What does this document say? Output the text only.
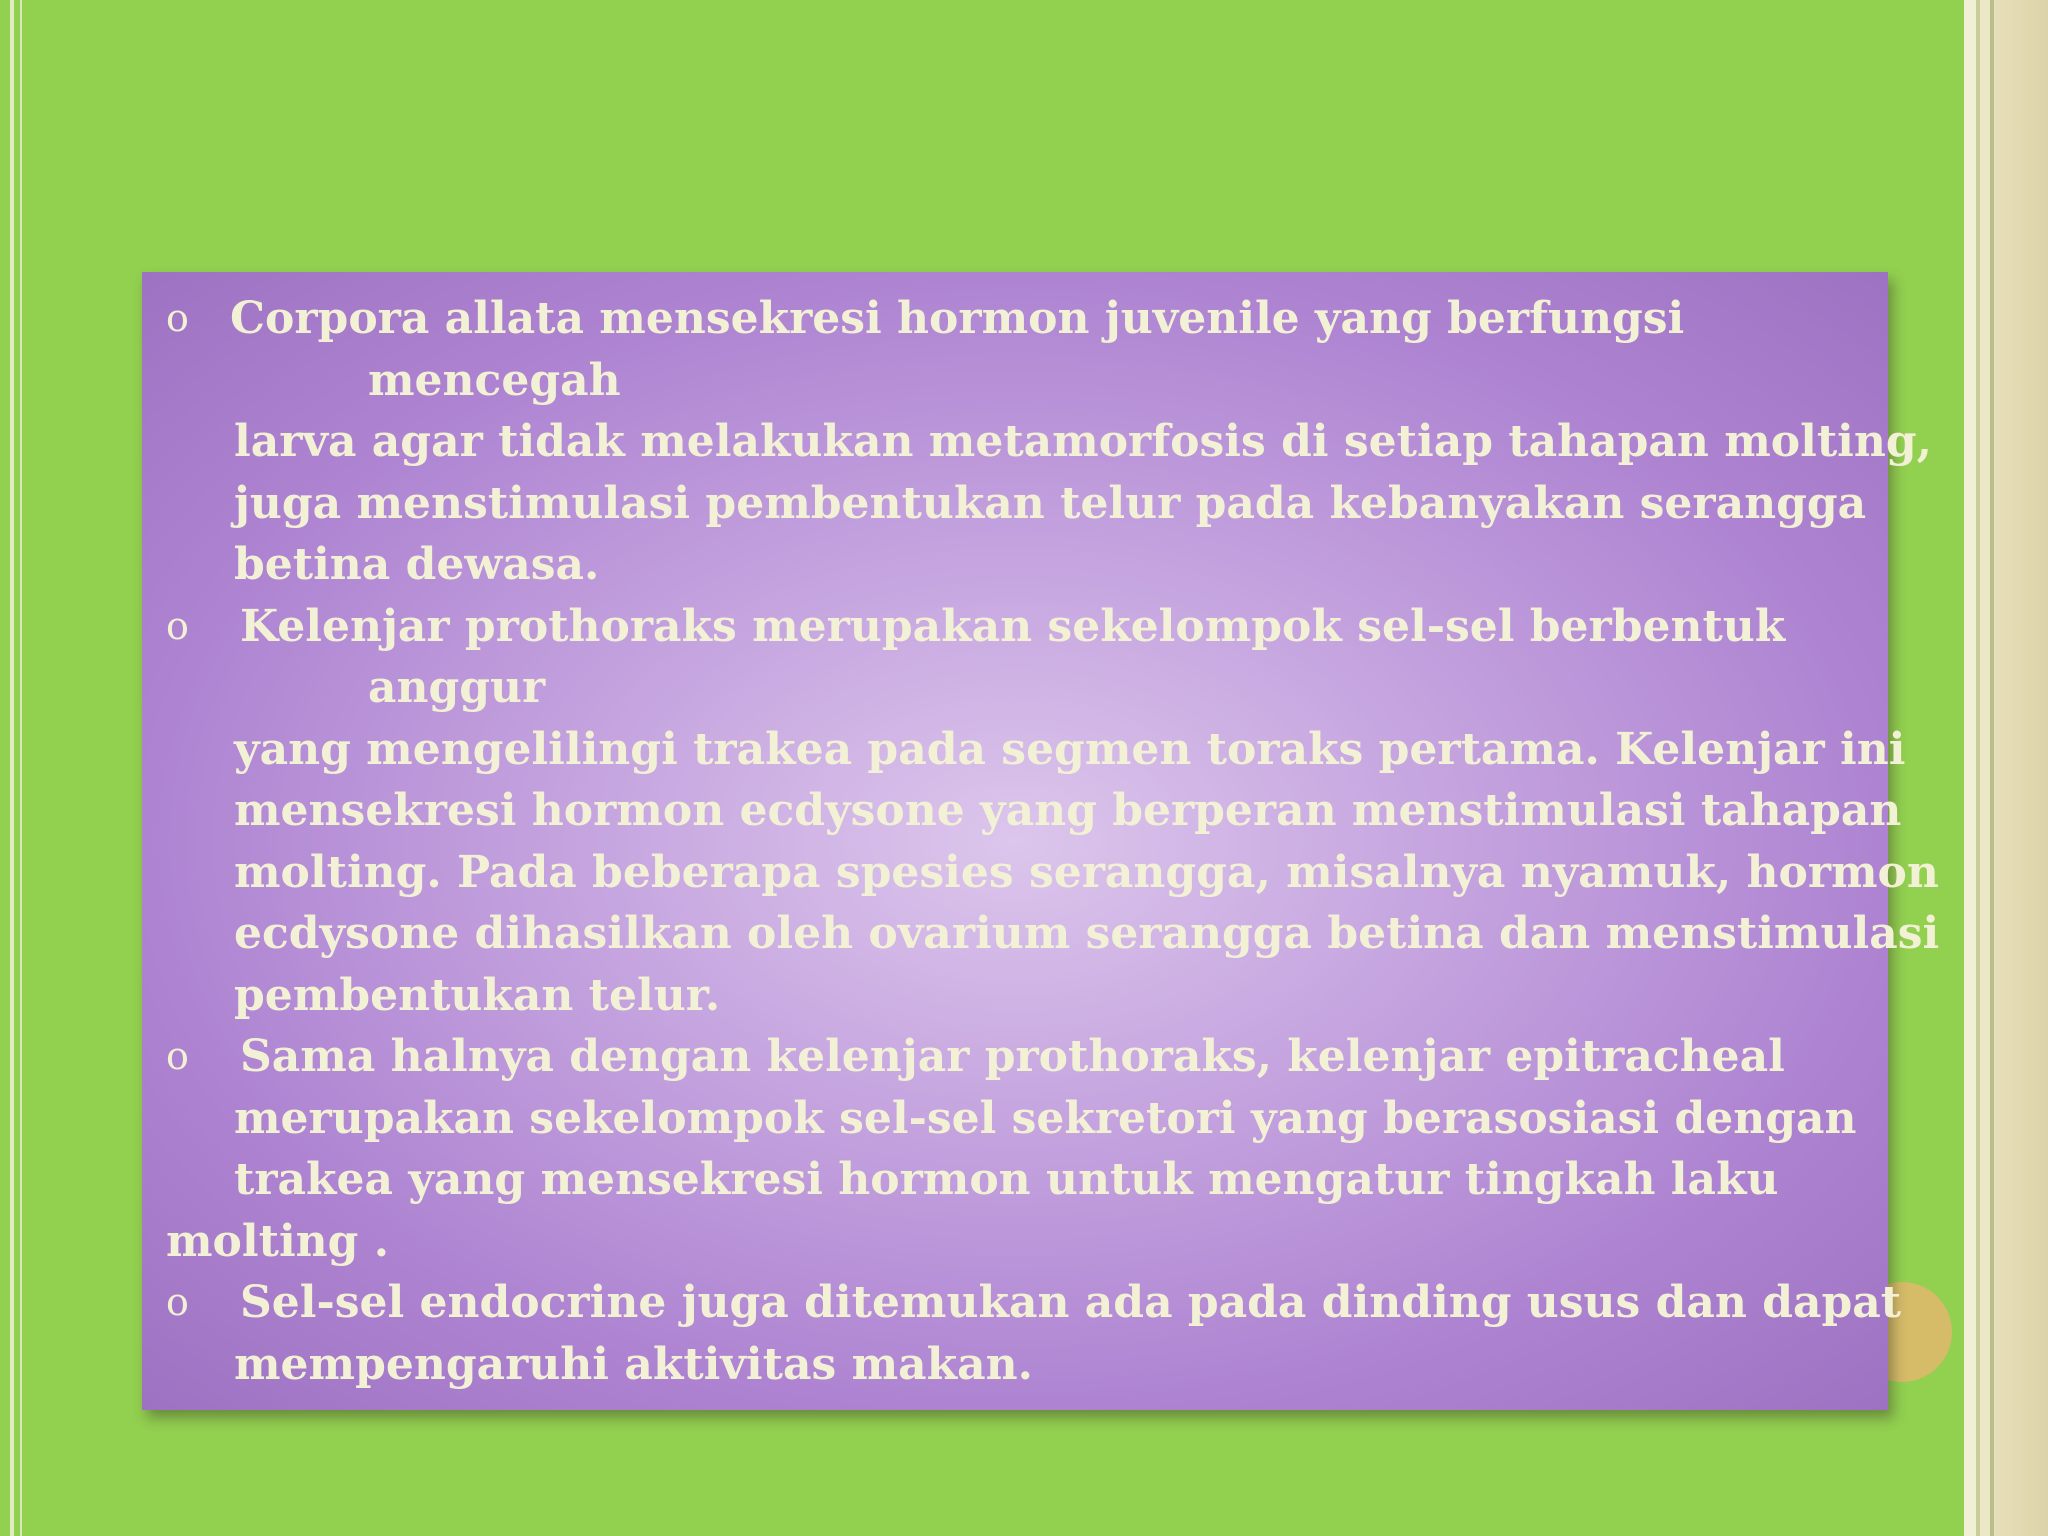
o Corpora allata mensekresi hormon juvenile yang berfungsi
mencegah
larva agar tidak melakukan metamorfosis di setiap tahapan molting,
juga menstimulasi pembentukan telur pada kebanyakan serangga
betina dewasa.
o Kelenjar prothoraks merupakan sekelompok sel-sel berbentuk
anggur
yang mengelilingi trakea pada segmen toraks pertama. Kelenjar ini
mensekresi hormon ecdysone yang berperan menstimulasi tahapan
molting. Pada beberapa spesies serangga, misalnya nyamuk, hormon
ecdysone dihasilkan oleh ovarium serangga betina dan menstimulasi
pembentukan telur.
o Sama halnya dengan kelenjar prothoraks, kelenjar epitracheal
merupakan sekelompok sel-sel sekretori yang berasosiasi dengan
trakea yang mensekresi hormon untuk mengatur tingkah laku
molting .
o Sel-sel endocrine juga ditemukan ada pada dinding usus dan dapat
mempengaruhi aktivitas makan.
